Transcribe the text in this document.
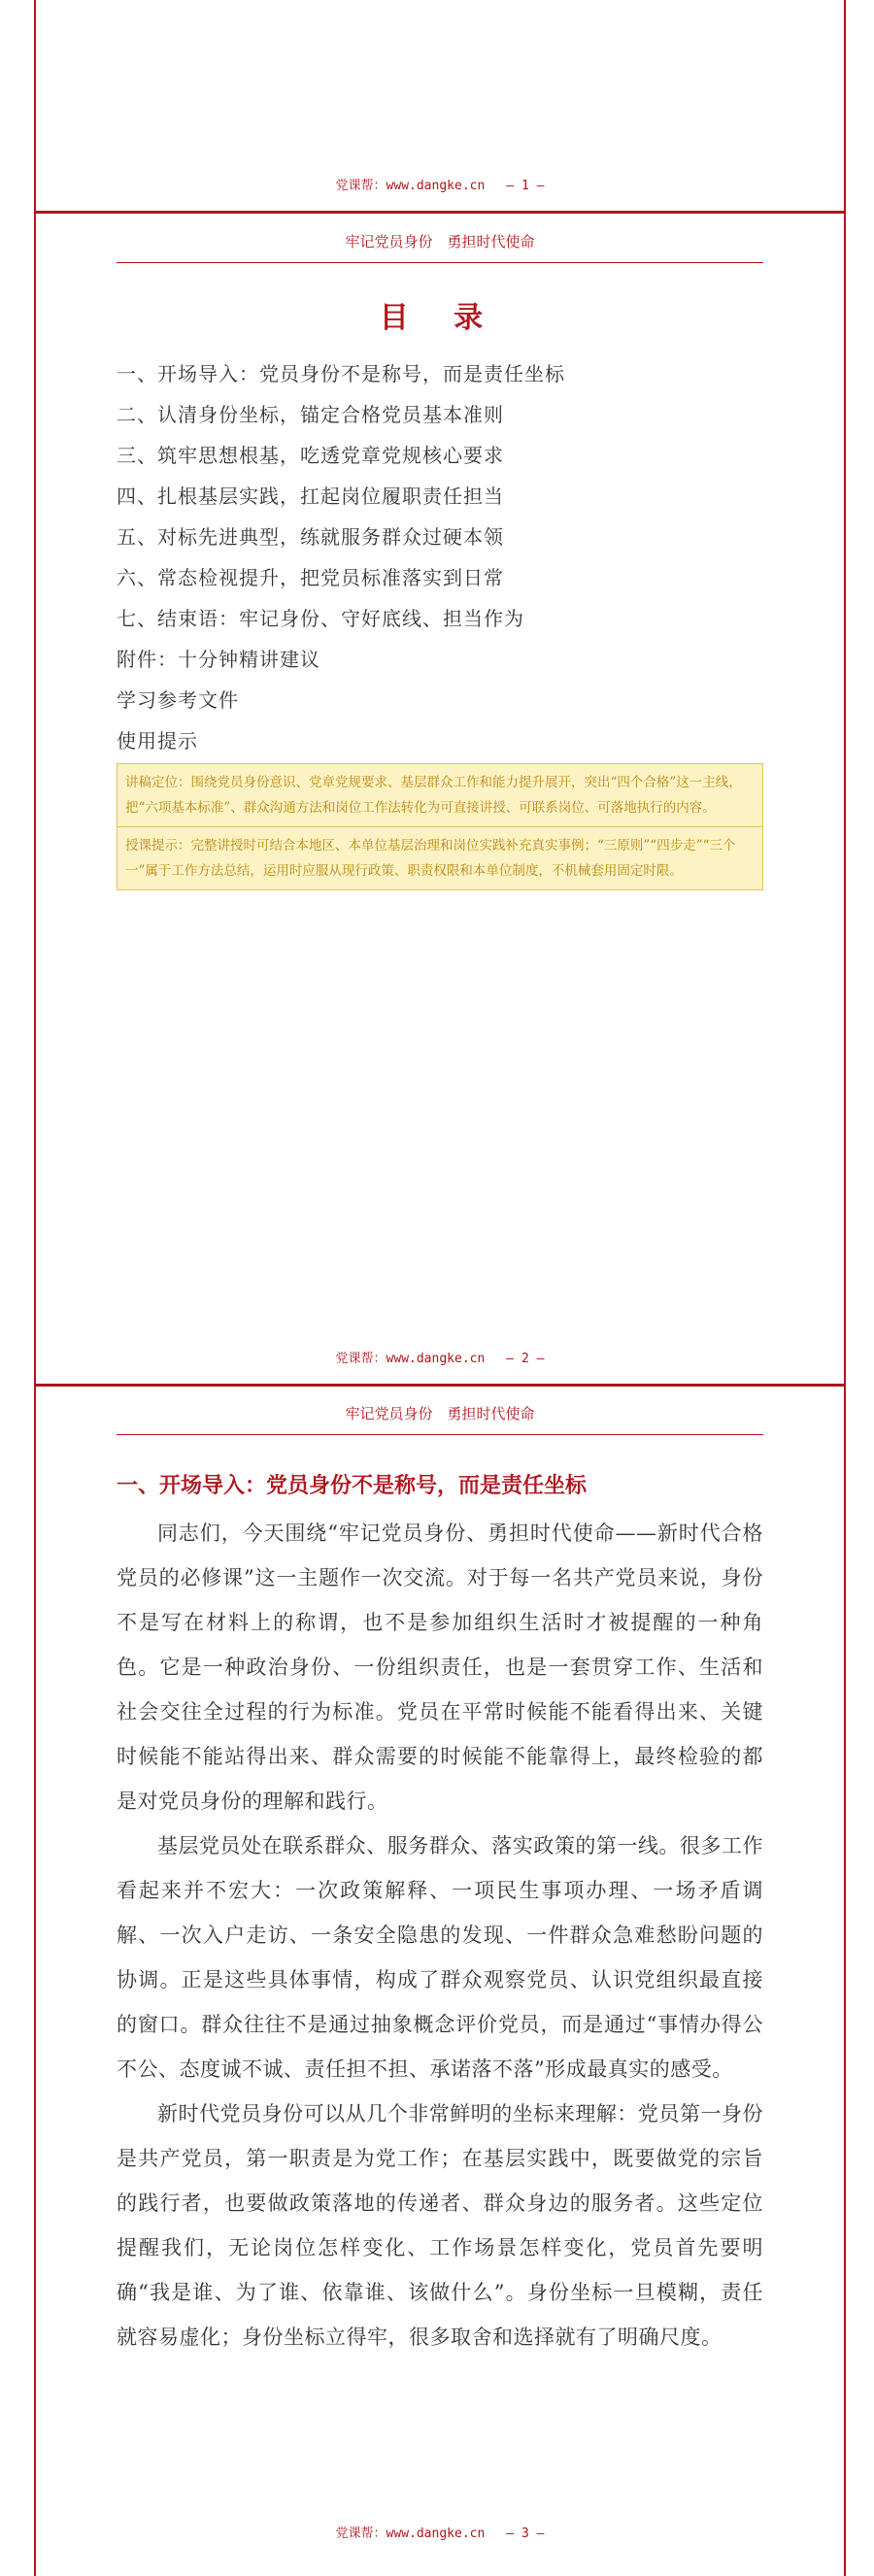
党课帮：www.dangke.cn — 1 —
牢记党员身份　勇担时代使命
目 录
一、开场导入：党员身份不是称号，而是责任坐标
二、认清身份坐标，锚定合格党员基本准则
三、筑牢思想根基，吃透党章党规核心要求
四、扎根基层实践，扛起岗位履职责任担当
五、对标先进典型，练就服务群众过硬本领
六、常态检视提升，把党员标准落实到日常
七、结束语：牢记身份、守好底线、担当作为
附件：十分钟精讲建议
学习参考文件
使用提示
讲稿定位：围绕党员身份意识、党章党规要求、基层群众工作和能力提升展开，突出“四个合格”这一主线，把“六项基本标准”、群众沟通方法和岗位工作法转化为可直接讲授、可联系岗位、可落地执行的内容。
授课提示：完整讲授时可结合本地区、本单位基层治理和岗位实践补充真实事例；“三原则”“四步走”“三个一”属于工作方法总结，运用时应服从现行政策、职责权限和本单位制度，不机械套用固定时限。
党课帮：www.dangke.cn — 2 —
牢记党员身份　勇担时代使命
一、开场导入：党员身份不是称号，而是责任坐标

同志们，今天围绕“牢记党员身份、勇担时代使命——新时代合格党员的必修课”这一主题作一次交流。对于每一名共产党员来说，身份不是写在材料上的称谓，也不是参加组织生活时才被提醒的一种角色。它是一种政治身份、一份组织责任，也是一套贯穿工作、生活和社会交往全过程的行为标准。党员在平常时候能不能看得出来、关键时候能不能站得出来、群众需要的时候能不能靠得上，最终检验的都是对党员身份的理解和践行。

基层党员处在联系群众、服务群众、落实政策的第一线。很多工作看起来并不宏大：一次政策解释、一项民生事项办理、一场矛盾调解、一次入户走访、一条安全隐患的发现、一件群众急难愁盼问题的协调。正是这些具体事情，构成了群众观察党员、认识党组织最直接的窗口。群众往往不是通过抽象概念评价党员，而是通过“事情办得公不公、态度诚不诚、责任担不担、承诺落不落”形成最真实的感受。

新时代党员身份可以从几个非常鲜明的坐标来理解：党员第一身份是共产党员，第一职责是为党工作；在基层实践中，既要做党的宗旨的践行者，也要做政策落地的传递者、群众身边的服务者。这些定位提醒我们，无论岗位怎样变化、工作场景怎样变化，党员首先要明确“我是谁、为了谁、依靠谁、该做什么”。身份坐标一旦模糊，责任就容易虚化；身份坐标立得牢，很多取舍和选择就有了明确尺度。

党课帮：www.dangke.cn — 3 —
